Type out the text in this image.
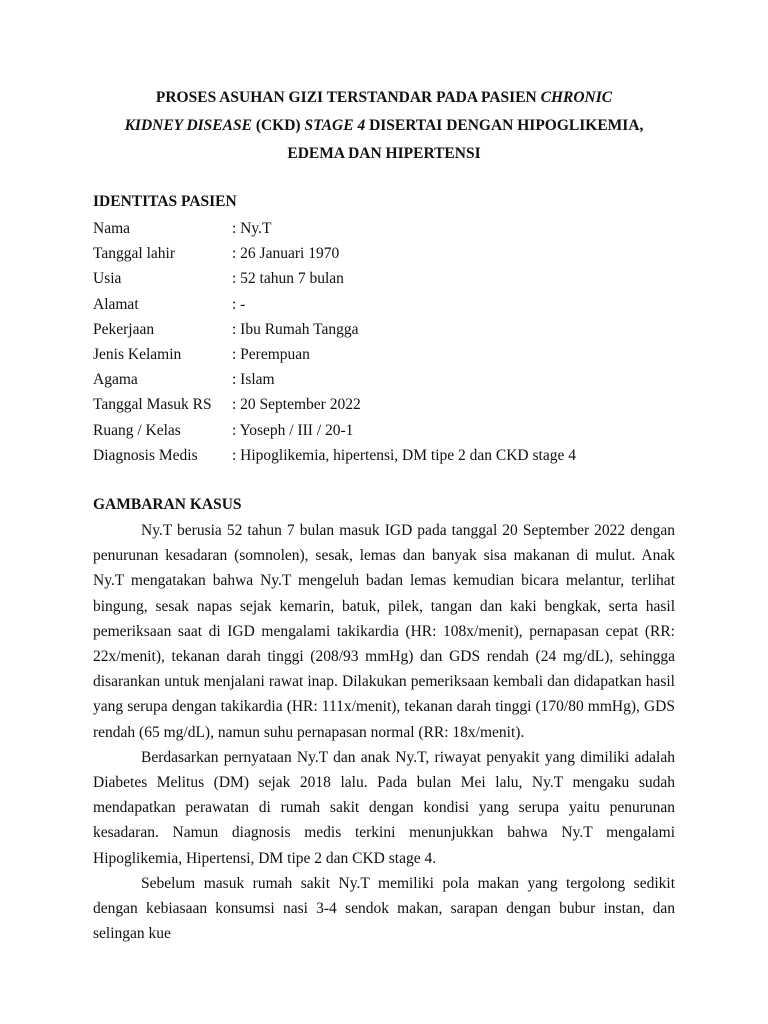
PROSES ASUHAN GIZI TERSTANDAR PADA PASIEN CHRONIC
KIDNEY DISEASE (CKD) STAGE 4 DISERTAI DENGAN HIPOGLIKEMIA,
EDEMA DAN HIPERTENSI
IDENTITAS PASIEN
Nama	: Ny.T
Tanggal lahir	: 26 Januari 1970
Usia	: 52 tahun 7 bulan
Alamat	: -
Pekerjaan	: Ibu Rumah Tangga
Jenis Kelamin	: Perempuan
Agama	: Islam
Tanggal Masuk RS : 20 September 2022
Ruang / Kelas	: Yoseph / III / 20-1
Diagnosis Medis : Hipoglikemia, hipertensi, DM tipe 2 dan CKD stage 4
GAMBARAN KASUS

Ny.T berusia 52 tahun 7 bulan masuk IGD pada tanggal 20 September 2022 dengan penurunan kesadaran (somnolen), sesak, lemas dan banyak sisa makanan di mulut. Anak Ny.T mengatakan bahwa Ny.T mengeluh badan lemas kemudian bicara melantur, terlihat bingung, sesak napas sejak kemarin, batuk, pilek, tangan dan kaki bengkak, serta hasil pemeriksaan saat di IGD mengalami takikardia (HR: 108x/menit), pernapasan cepat (RR: 22x/menit), tekanan darah tinggi (208/93 mmHg) dan GDS rendah (24 mg/dL), sehingga disarankan untuk menjalani rawat inap. Dilakukan pemeriksaan kembali dan didapatkan hasil yang serupa dengan takikardia (HR: 111x/menit), tekanan darah tinggi (170/80 mmHg), GDS rendah (65 mg/dL), namun suhu pernapasan normal (RR: 18x/menit).

Berdasarkan pernyataan Ny.T dan anak Ny.T, riwayat penyakit yang dimiliki adalah Diabetes Melitus (DM) sejak 2018 lalu. Pada bulan Mei lalu, Ny.T mengaku sudah mendapatkan perawatan di rumah sakit dengan kondisi yang serupa yaitu penurunan kesadaran. Namun diagnosis medis terkini menunjukkan bahwa Ny.T mengalami Hipoglikemia, Hipertensi, DM tipe 2 dan CKD stage 4.

Sebelum masuk rumah sakit Ny.T memiliki pola makan yang tergolong sedikit dengan kebiasaan konsumsi nasi 3-4 sendok makan, sarapan dengan bubur instan, dan selingan kue
